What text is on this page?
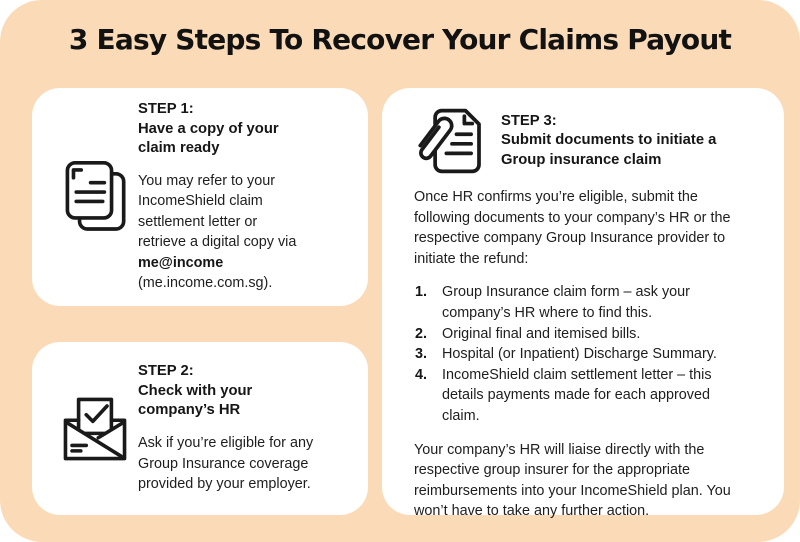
3 Easy Steps To Recover Your Claims Payout

STEP 1:

Have a copy of your claim ready

You may refer to your IncomeShield claim settlement letter or retrieve a digital copy via me@income (me.income.com.sg).

STEP 2:

Check with your company’s HR

Ask if you’re eligible for any Group Insurance coverage provided by your employer.

STEP 3:

Submit documents to initiate a Group insurance claim

Once HR confirms you’re eligible, submit the following documents to your company’s HR or the respective company Group Insurance provider to initiate the refund:

Group Insurance claim form – ask your company’s HR where to find this.
Original final and itemised bills.
Hospital (or Inpatient) Discharge Summary.
IncomeShield claim settlement letter – this details payments made for each approved claim.

Your company’s HR will liaise directly with the respective group insurer for the appropriate reimbursements into your IncomeShield plan. You won’t have to take any further action.
